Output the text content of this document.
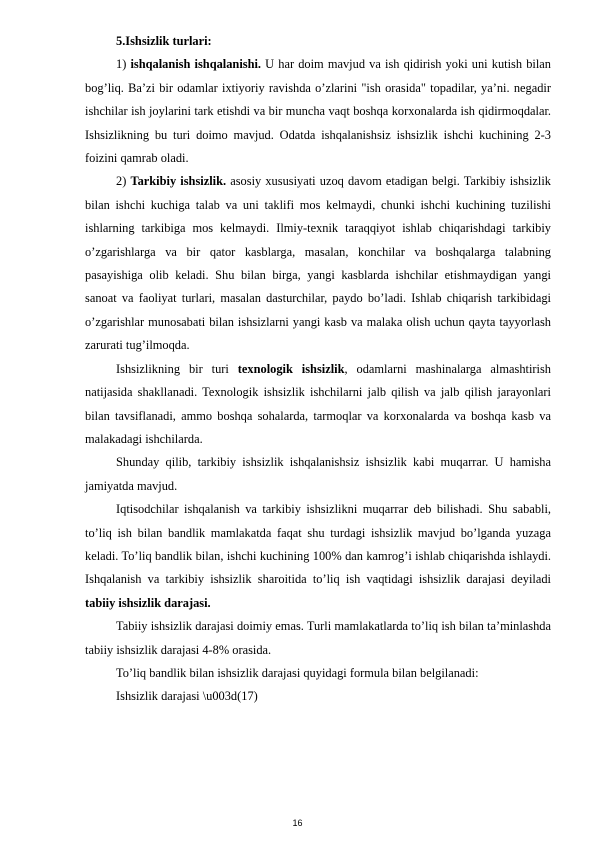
5.Ishsizlik turlari:

1) ishqalanish ishqalanishi. U har doim mavjud va ish qidirish yoki uni kutish bilan bog’liq. Ba’zi bir odamlar ixtiyoriy ravishda o’zlarini "ish orasida" topadilar, ya’ni. negadir ishchilar ish joylarini tark etishdi va bir muncha vaqt boshqa korxonalarda ish qidirmoqdalar. Ishsizlikning bu turi doimo mavjud. Odatda ishqalanishsiz ishsizlik ishchi kuchining 2-3 foizini qamrab oladi.

2) Tarkibiy ishsizlik. asosiy xususiyati uzoq davom etadigan belgi. Tarkibiy ishsizlik bilan ishchi kuchiga talab va uni taklifi mos kelmaydi, chunki ishchi kuchining tuzilishi ishlarning tarkibiga mos kelmaydi. Ilmiy-texnik taraqqiyot ishlab chiqarishdagi tarkibiy o’zgarishlarga va bir qator kasblarga, masalan, konchilar va boshqalarga talabning pasayishiga olib keladi. Shu bilan birga, yangi kasblarda ishchilar etishmaydigan yangi sanoat va faoliyat turlari, masalan dasturchilar, paydo bo’ladi. Ishlab chiqarish tarkibidagi o’zgarishlar munosabati bilan ishsizlarni yangi kasb va malaka olish uchun qayta tayyorlash zarurati tug’ilmoqda.

Ishsizlikning bir turi texnologik ishsizlik, odamlarni mashinalarga almashtirish natijasida shakllanadi. Texnologik ishsizlik ishchilarni jalb qilish va jalb qilish jarayonlari bilan tavsiflanadi, ammo boshqa sohalarda, tarmoqlar va korxonalarda va boshqa kasb va malakadagi ishchilarda.

Shunday qilib, tarkibiy ishsizlik ishqalanishsiz ishsizlik kabi muqarrar. U hamisha jamiyatda mavjud.

Iqtisodchilar ishqalanish va tarkibiy ishsizlikni muqarrar deb bilishadi. Shu sababli, to’liq ish bilan bandlik mamlakatda faqat shu turdagi ishsizlik mavjud bo’lganda yuzaga keladi. To’liq bandlik bilan, ishchi kuchining 100% dan kamrog’i ishlab chiqarishda ishlaydi. Ishqalanish va tarkibiy ishsizlik sharoitida to’liq ish vaqtidagi ishsizlik darajasi deyiladi tabiiy ishsizlik darajasi.

Tabiiy ishsizlik darajasi doimiy emas. Turli mamlakatlarda to’liq ish bilan ta’minlashda tabiiy ishsizlik darajasi 4-8% orasida.

To’liq bandlik bilan ishsizlik darajasi quyidagi formula bilan belgilanadi:

Ishsizlik darajasi \u003d(17)

16
